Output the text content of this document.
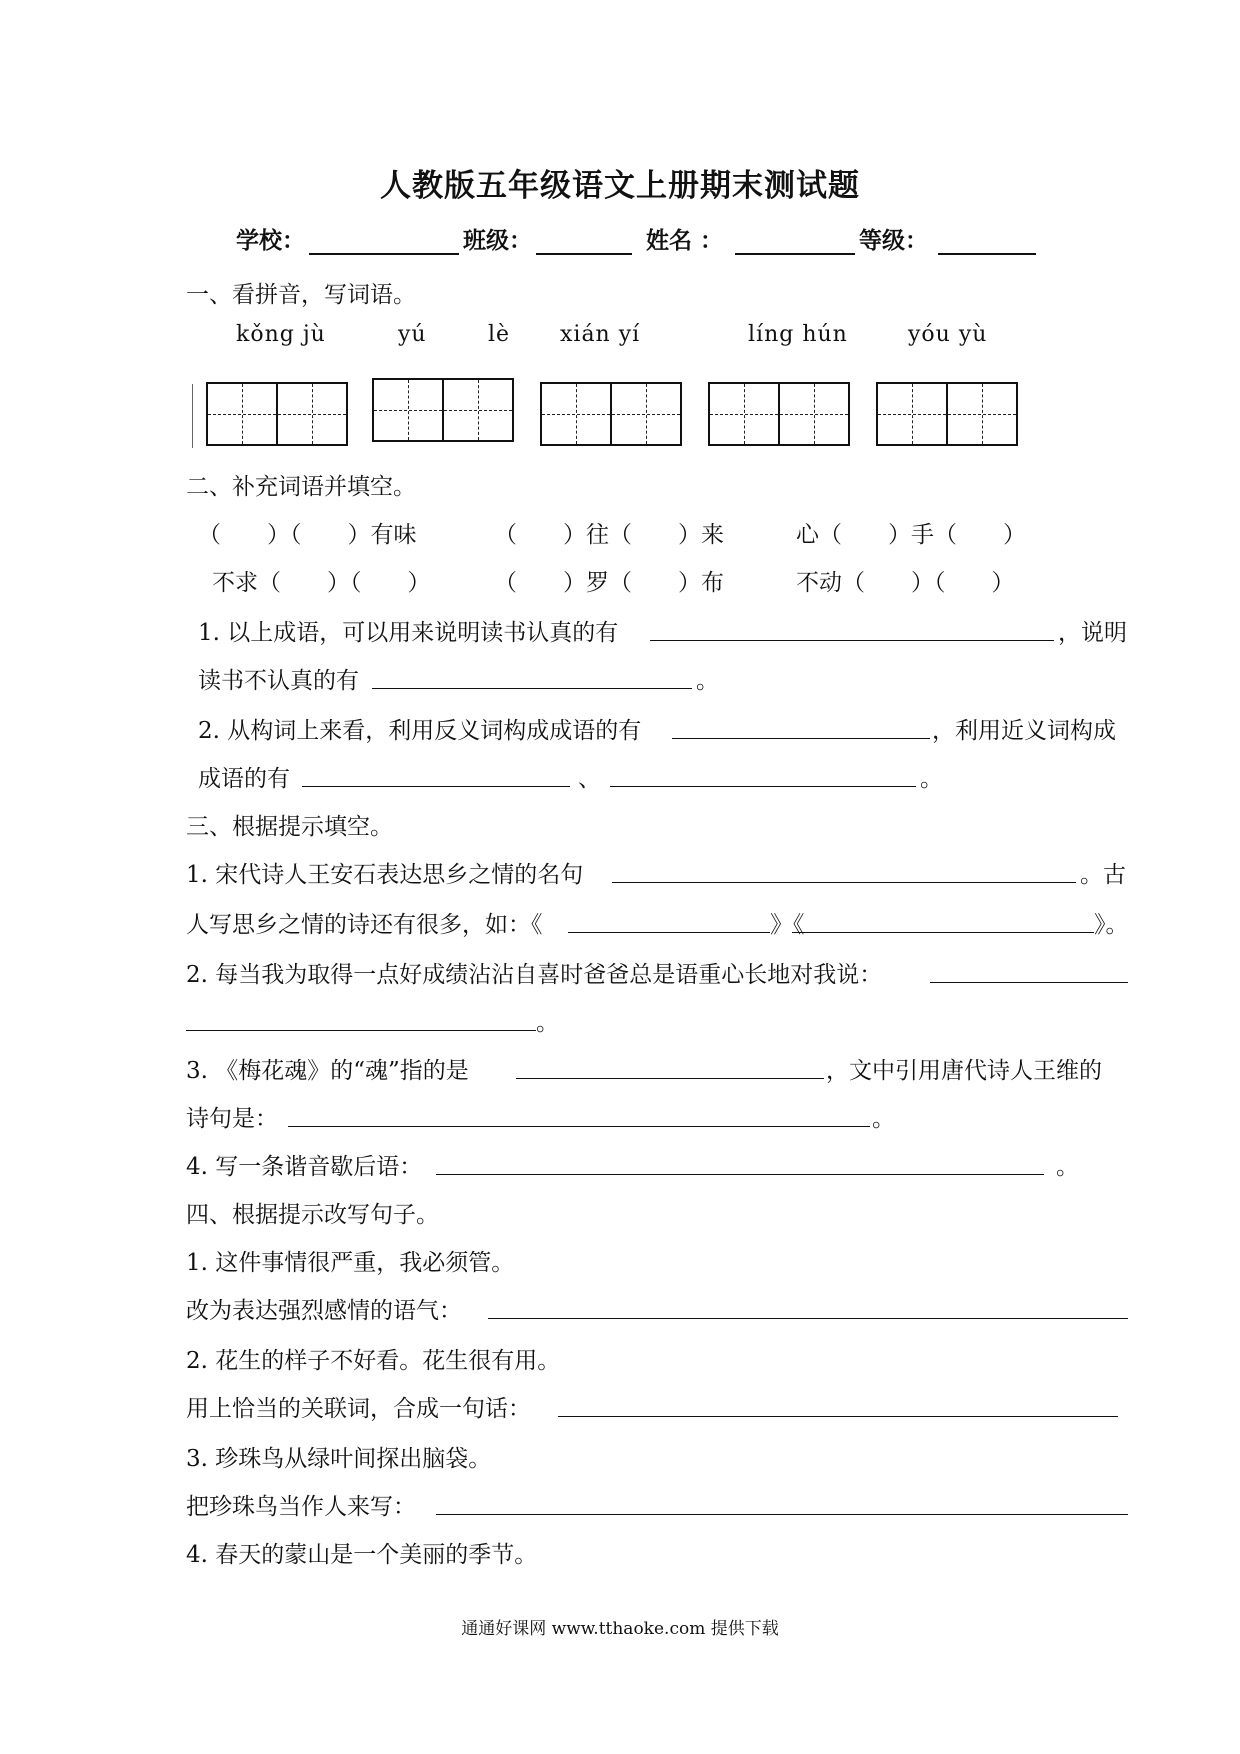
人教版五年级语文上册期末测试题
学校：	班级：	姓名 ：	等级：
一、看拼音，写词语。
kǒng jù	yú	lè xián yí	líng hún	yóu yù
二、补充词语并填空。
（　　）（　　）有味	（　　）往（　　）来	心（　　）手（　　）
不求（　　）（　　）	（　　）罗（　　）布	不动（　　）（　　）
1. 以上成语，可以用来说明读书认真的有	，说明
读书不认真的有	。
2. 从构词上来看，利用反义词构成成语的有	，利用近义词构成
成语的有	、	。
三、根据提示填空。
1. 宋代诗人王安石表达思乡之情的名句	。古
人写思乡之情的诗还有很多，如：《	》《	》。
2. 每当我为取得一点好成绩沾沾自喜时爸爸总是语重心长地对我说：
。
3. 《梅花魂》的“魂”指的是	，文中引用唐代诗人王维的
诗句是：	。
4. 写一条谐音歇后语：	。
四、根据提示改写句子。
1. 这件事情很严重，我必须管。
改为表达强烈感情的语气：
2. 花生的样子不好看。花生很有用。
用上恰当的关联词，合成一句话：
3. 珍珠鸟从绿叶间探出脑袋。
把珍珠鸟当作人来写：
4. 春天的蒙山是一个美丽的季节。
通通好课网 www.tthaoke.com 提供下载
